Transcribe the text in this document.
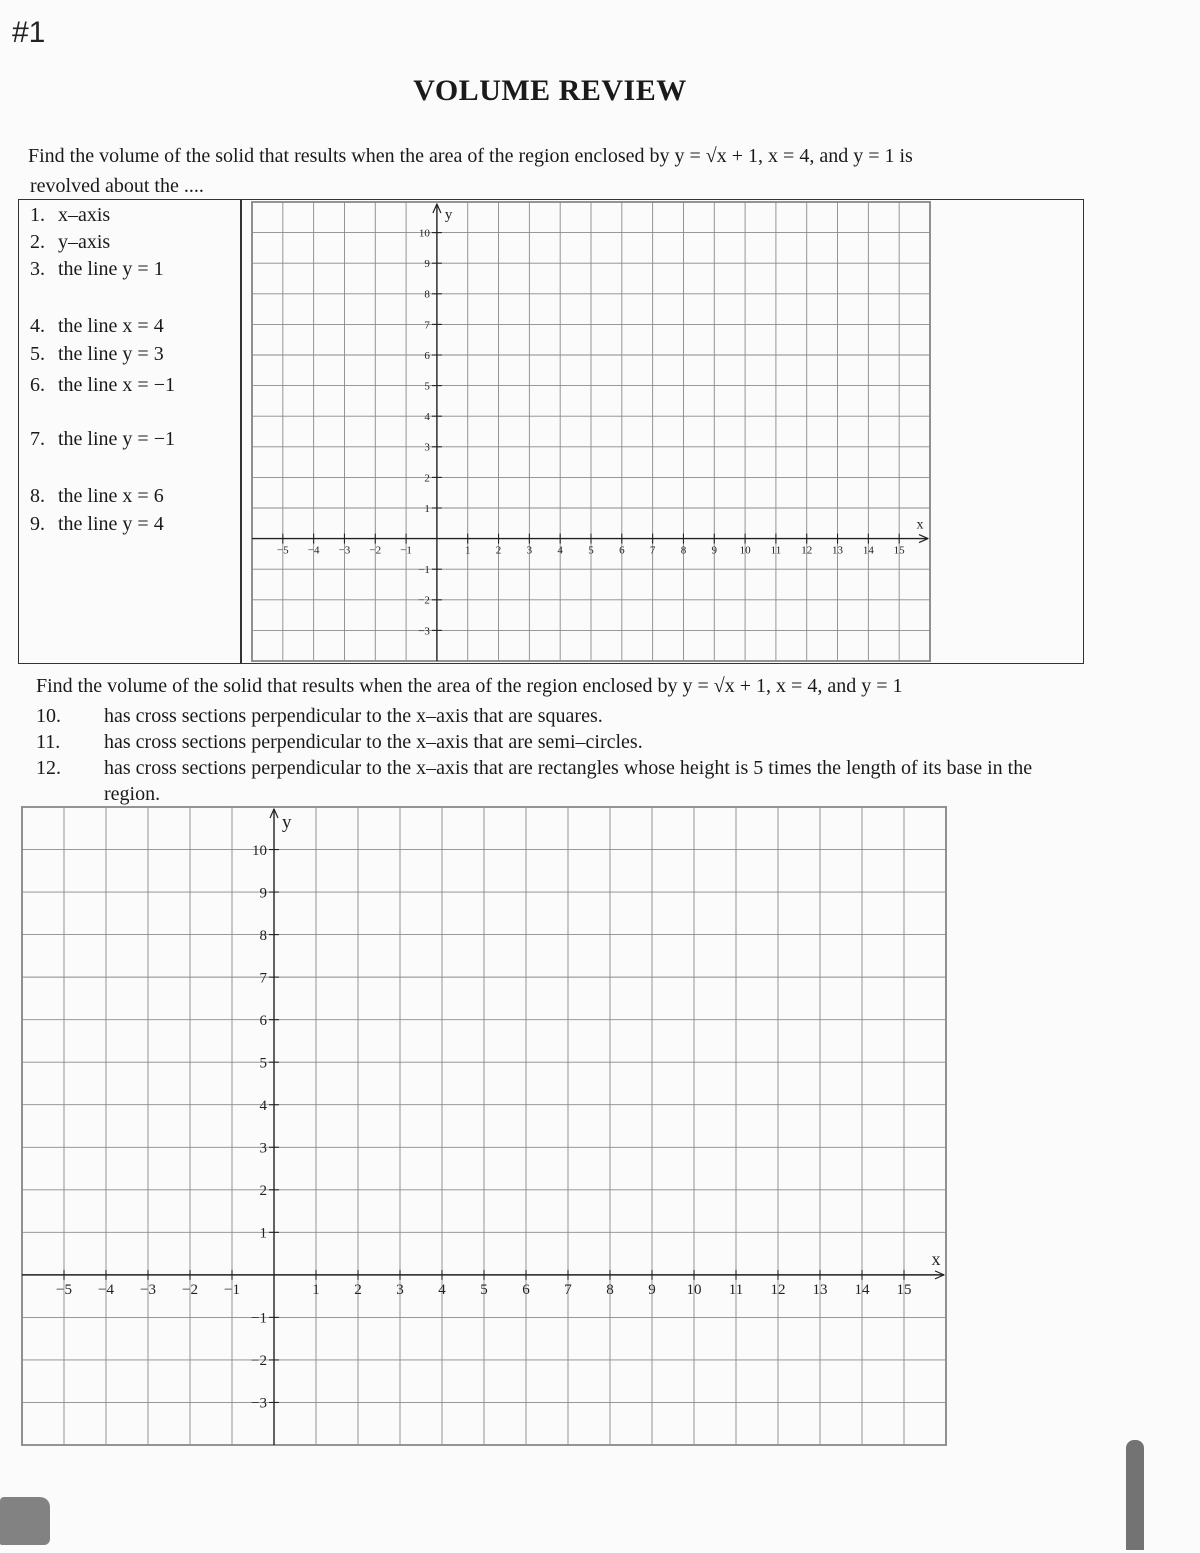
#1
VOLUME REVIEW
Find the volume of the solid that results when the area of the region enclosed by y = √x + 1, x = 4, and y = 1 is
revolved about the ....
1. x–axis
2. y–axis
3. the line y = 1
4. the line x = 4
5. the line y = 3
6. the line x = −1
7. the line y = −1
8. the line x = 6
9. the line y = 4
−5 −4 −3 −2 −1	1 2 3 4 5 6 7 8 9 10 11 12 13 14 15
−3
−2
−1
1
2
3
4
5
6
7
8
9
10
x
y
Find the volume of the solid that results when the area of the region enclosed by y = √x + 1, x = 4, and y = 1
10.	has cross sections perpendicular to the x–axis that are squares.
11.	has cross sections perpendicular to the x–axis that are semi–circles.
12.	has cross sections perpendicular to the x–axis that are rectangles whose height is 5 times the length of its base in the region.
−5 −4 −3 −2 −1	1 2 3 4 5 6 7 8 9 10 11 12 13 14 15
−3
−2
−1
1
2
3
4
5
6
7
8
9
10
x
y
